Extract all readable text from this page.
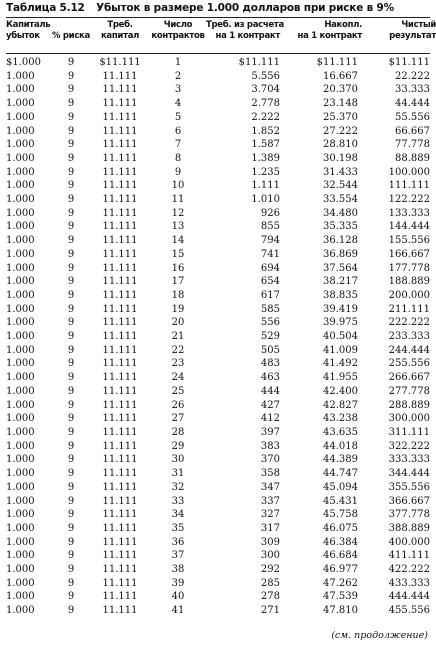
Таблица 5.12 Убыток в размере 1.000 долларов при риске в 9%
Капиталь		Треб.	Число	Треб. из расчета	Накопл.	Чистый
убыток	% риска	капитал	контрактов	на 1 контракт	на 1 контракт	результат
$1.000	9	$11.111	1	$11.111	$11.111	$11.111
1.000	9	11.111	2	5.556	16.667	22.222
1.000	9	11.111	3	3.704	20.370	33.333
1.000	9	11.111	4	2.778	23.148	44.444
1.000	9	11.111	5	2.222	25.370	55.556
1.000	9	11.111	6	1.852	27.222	66.667
1.000	9	11.111	7	1.587	28.810	77.778
1.000	9	11.111	8	1.389	30.198	88.889
1.000	9	11.111	9	1.235	31.433	100.000
1.000	9	11.111	10	1.111	32.544	111.111
1.000	9	11.111	11	1.010	33.554	122.222
1.000	9	11.111	12	926	34.480	133.333
1.000	9	11.111	13	855	35.335	144.444
1.000	9	11.111	14	794	36.128	155.556
1.000	9	11.111	15	741	36.869	166.667
1.000	9	11.111	16	694	37.564	177.778
1.000	9	11.111	17	654	38.217	188.889
1.000	9	11.111	18	617	38.835	200.000
1.000	9	11.111	19	585	39.419	211.111
1.000	9	11.111	20	556	39.975	222.222
1.000	9	11.111	21	529	40.504	233.333
1.000	9	11.111	22	505	41.009	244.444
1.000	9	11.111	23	483	41.492	255.556
1.000	9	11.111	24	463	41.955	266.667
1.000	9	11.111	25	444	42.400	277.778
1.000	9	11.111	26	427	42.827	288.889
1.000	9	11.111	27	412	43.238	300.000
1.000	9	11.111	28	397	43.635	311.111
1.000	9	11.111	29	383	44.018	322.222
1.000	9	11.111	30	370	44.389	333.333
1.000	9	11.111	31	358	44.747	344.444
1.000	9	11.111	32	347	45.094	355.556
1.000	9	11.111	33	337	45.431	366.667
1.000	9	11.111	34	327	45.758	377.778
1.000	9	11.111	35	317	46.075	388.889
1.000	9	11.111	36	309	46.384	400.000
1.000	9	11.111	37	300	46.684	411.111
1.000	9	11.111	38	292	46.977	422.222
1.000	9	11.111	39	285	47.262	433.333
1.000	9	11.111	40	278	47.539	444.444
1.000	9	11.111	41	271	47.810	455.556
(см. продолжение)
